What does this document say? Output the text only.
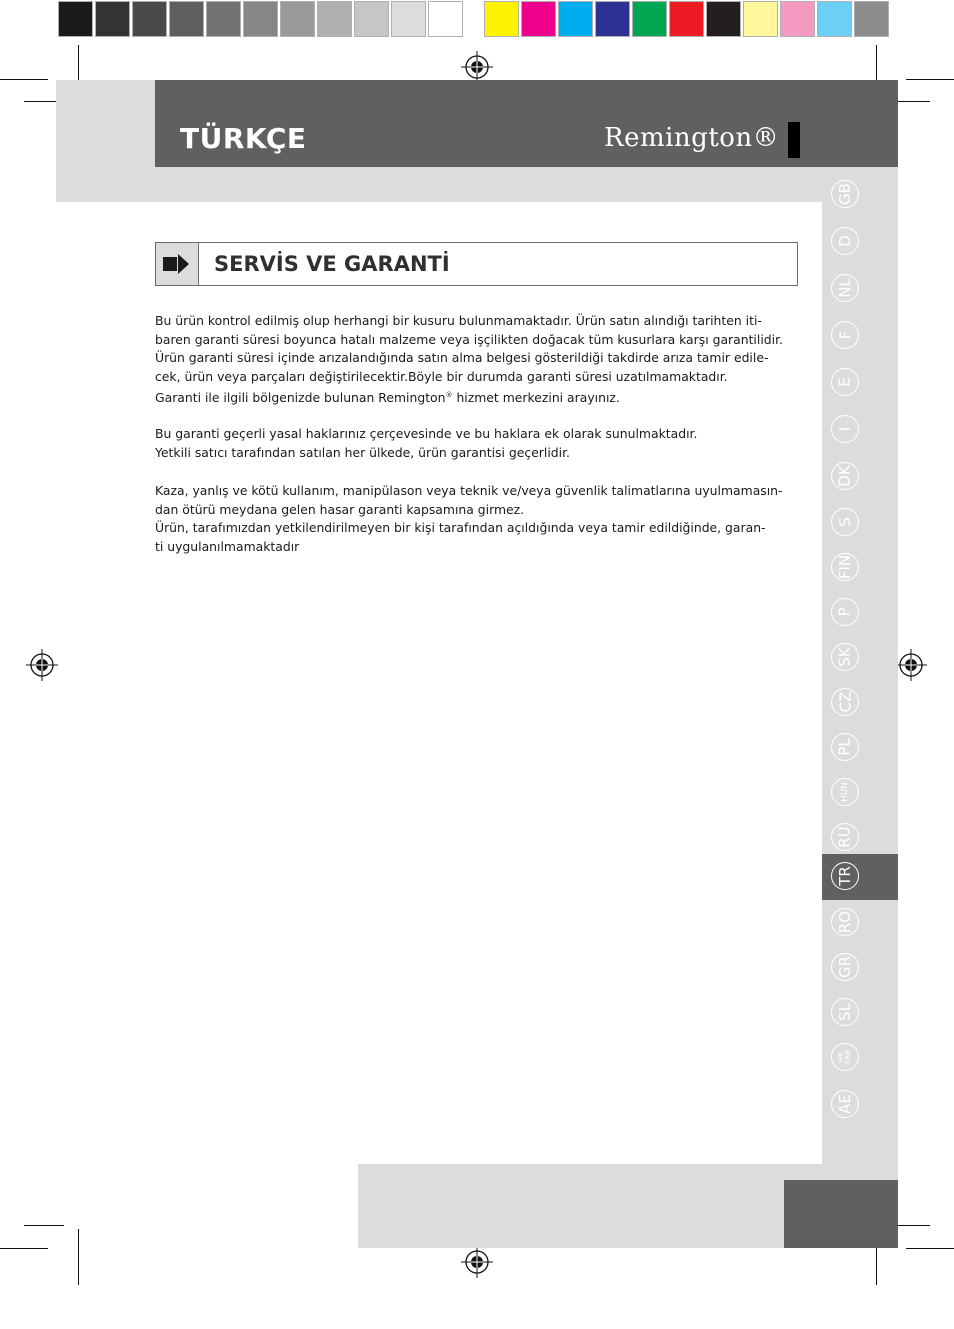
TÜRKÇE	Remington®
GB
D
NL
F
E
I
DK
S
FIN
P
SK
CZ
PL
HUN
RU
TR
RO
GR
SL
HR
SRB
AE
SERVİS VE GARANTİ

Bu ürün kontrol edilmiş olup herhangi bir kusuru bulunmamaktadır. Ürün satın alındığı tarihten iti-

baren garanti süresi boyunca hatalı malzeme veya işçilikten doğacak tüm kusurlara karşı garantilidir.

Ürün garanti süresi içinde arızalandığında satın alma belgesi gösterildiği takdirde arıza tamir edile-

cek, ürün veya parçaları değiştirilecektir.Böyle bir durumda garanti süresi uzatılmamaktadır.

Garanti ile ilgili bölgenizde bulunan Remington® hizmet merkezini arayınız.

Bu garanti geçerli yasal haklarınız çerçevesinde ve bu haklara ek olarak sunulmaktadır.

Yetkili satıcı tarafından satılan her ülkede, ürün garantisi geçerlidir.

Kaza, yanlış ve kötü kullanım, manipülason veya teknik ve/veya güvenlik talimatlarına uyulmamasın-

dan ötürü meydana gelen hasar garanti kapsamına girmez.

Ürün, tarafımızdan yetkilendirilmeyen bir kişi tarafından açıldığında veya tamir edildiğinde, garan-

ti uygulanılmamaktadır
